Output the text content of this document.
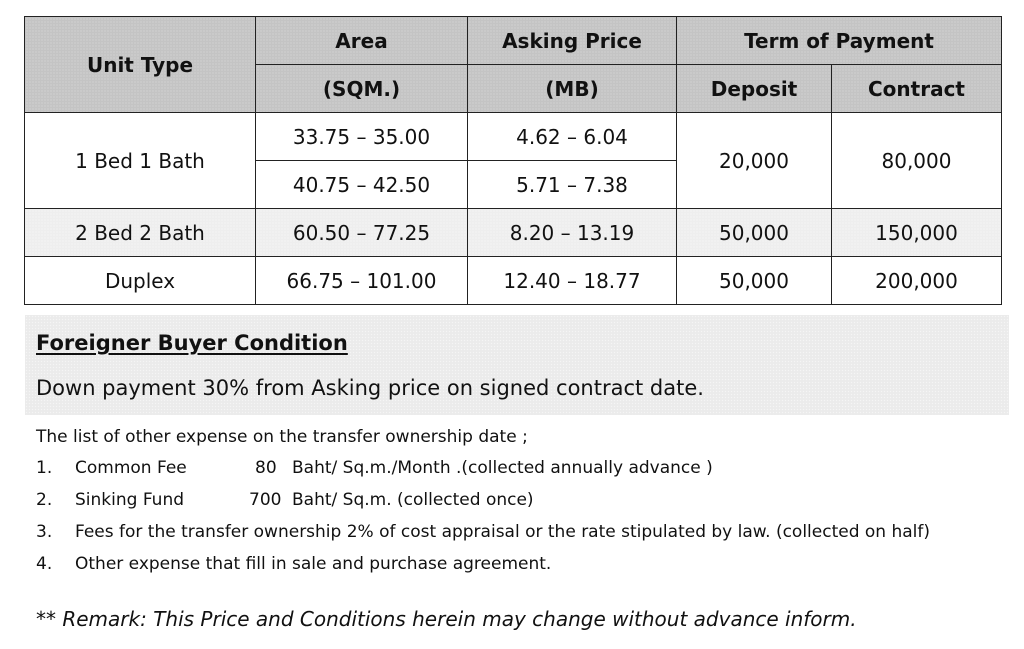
Unit Type	Area	Asking Price	Term of Payment	
	(SQM.)	(MB)	Deposit	Contract
1 Bed 1 Bath	33.75 – 35.00	4.62 – 6.04	20,000	80,000
	40.75 – 42.50	5.71 – 7.38		
2 Bed 2 Bath	60.50 – 77.25	8.20 – 13.19	50,000	150,000
Duplex	66.75 – 101.00	12.40 – 18.77	50,000	200,000
Foreigner Buyer Condition
Down payment 30% from Asking price on signed contract date.
The list of other expense on the transfer ownership date ;
1. Common Fee	80 Baht/ Sq.m./Month .(collected annually advance )
2. Sinking Fund	700 Baht/ Sq.m. (collected once)
3. Fees for the transfer ownership 2% of cost appraisal or the rate stipulated by law. (collected on half)
4. Other expense that fill in sale and purchase agreement.
** Remark: This Price and Conditions herein may change without advance inform.
